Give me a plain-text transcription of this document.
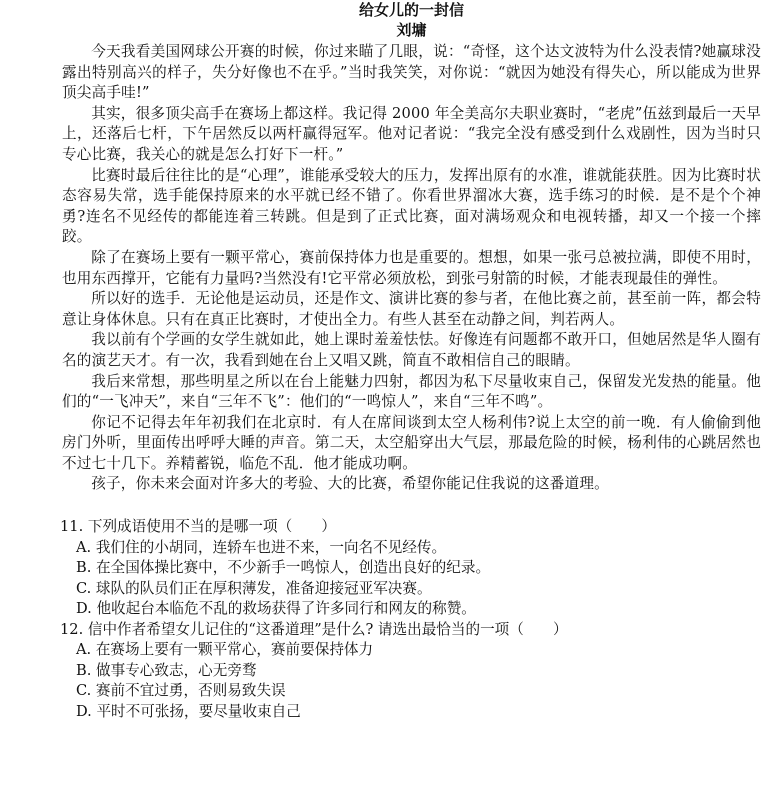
给女儿的一封信
刘墉

今天我看美国网球公开赛的时候，你过来瞄了几眼，说：“奇怪，这个达文波特为什么没表情?她赢球没露出特别高兴的样子，失分好像也不在乎。”当时我笑笑，对你说：“就因为她没有得失心，所以能成为世界顶尖高手哇!”

其实，很多顶尖高手在赛场上都这样。我记得 2000 年全美高尔夫职业赛时，“老虎”伍兹到最后一天早上，还落后七杆，下午居然反以两杆赢得冠军。他对记者说：“我完全没有感受到什么戏剧性，因为当时只专心比赛，我关心的就是怎么打好下一杆。”

比赛时最后往往比的是“心理”，谁能承受较大的压力，发挥出原有的水准，谁就能获胜。因为比赛时状态容易失常，选手能保持原来的水平就已经不错了。你看世界溜冰大赛，选手练习的时候．是不是个个神勇?连名不见经传的都能连着三转跳。但是到了正式比赛，面对满场观众和电视转播，却又一个接一个摔跤。

除了在赛场上要有一颗平常心，赛前保持体力也是重要的。想想，如果一张弓总被拉满，即使不用时，也用东西撑开，它能有力量吗?当然没有!它平常必须放松，到张弓射箭的时候，才能表现最佳的弹性。

所以好的选手．无论他是运动员，还是作文、演讲比赛的参与者，在他比赛之前，甚至前一阵，都会特意让身体休息。只有在真正比赛时，才使出全力。有些人甚至在动静之间，判若两人。

我以前有个学画的女学生就如此，她上课时羞羞怯怯。好像连有问题都不敢开口，但她居然是华人圈有名的演艺天才。有一次，我看到她在台上又唱又跳，简直不敢相信自己的眼睛。

我后来常想，那些明星之所以在台上能魅力四射，都因为私下尽量收束自己，保留发光发热的能量。他们的“一飞冲天”，来自“三年不飞”：他们的“一鸣惊人”，来自“三年不鸣”。

你记不记得去年年初我们在北京时．有人在席间谈到太空人杨利伟?说上太空的前一晚．有人偷偷到他房门外听，里面传出呼呼大睡的声音。第二天，太空船穿出大气层，那最危险的时候，杨利伟的心跳居然也不过七十几下。养精蓄锐，临危不乱．他才能成功啊。

孩子，你未来会面对许多大的考验、大的比赛，希望你能记住我说的这番道理。

11. 下列成语使用不当的是哪一项（　　）
A. 我们住的小胡同，连轿车也进不来，一向名不见经传。
B. 在全国体操比赛中，不少新手一鸣惊人，创造出良好的纪录。
C. 球队的队员们正在厚积薄发，准备迎接冠亚军决赛。
D. 他收起台本临危不乱的救场获得了许多同行和网友的称赞。
12. 信中作者希望女儿记住的“这番道理”是什么? 请选出最恰当的一项（　　）
A. 在赛场上要有一颗平常心，赛前要保持体力
B. 做事专心致志，心无旁骛
C. 赛前不宜过勇，否则易致失误
D. 平时不可张扬，要尽量收束自己
